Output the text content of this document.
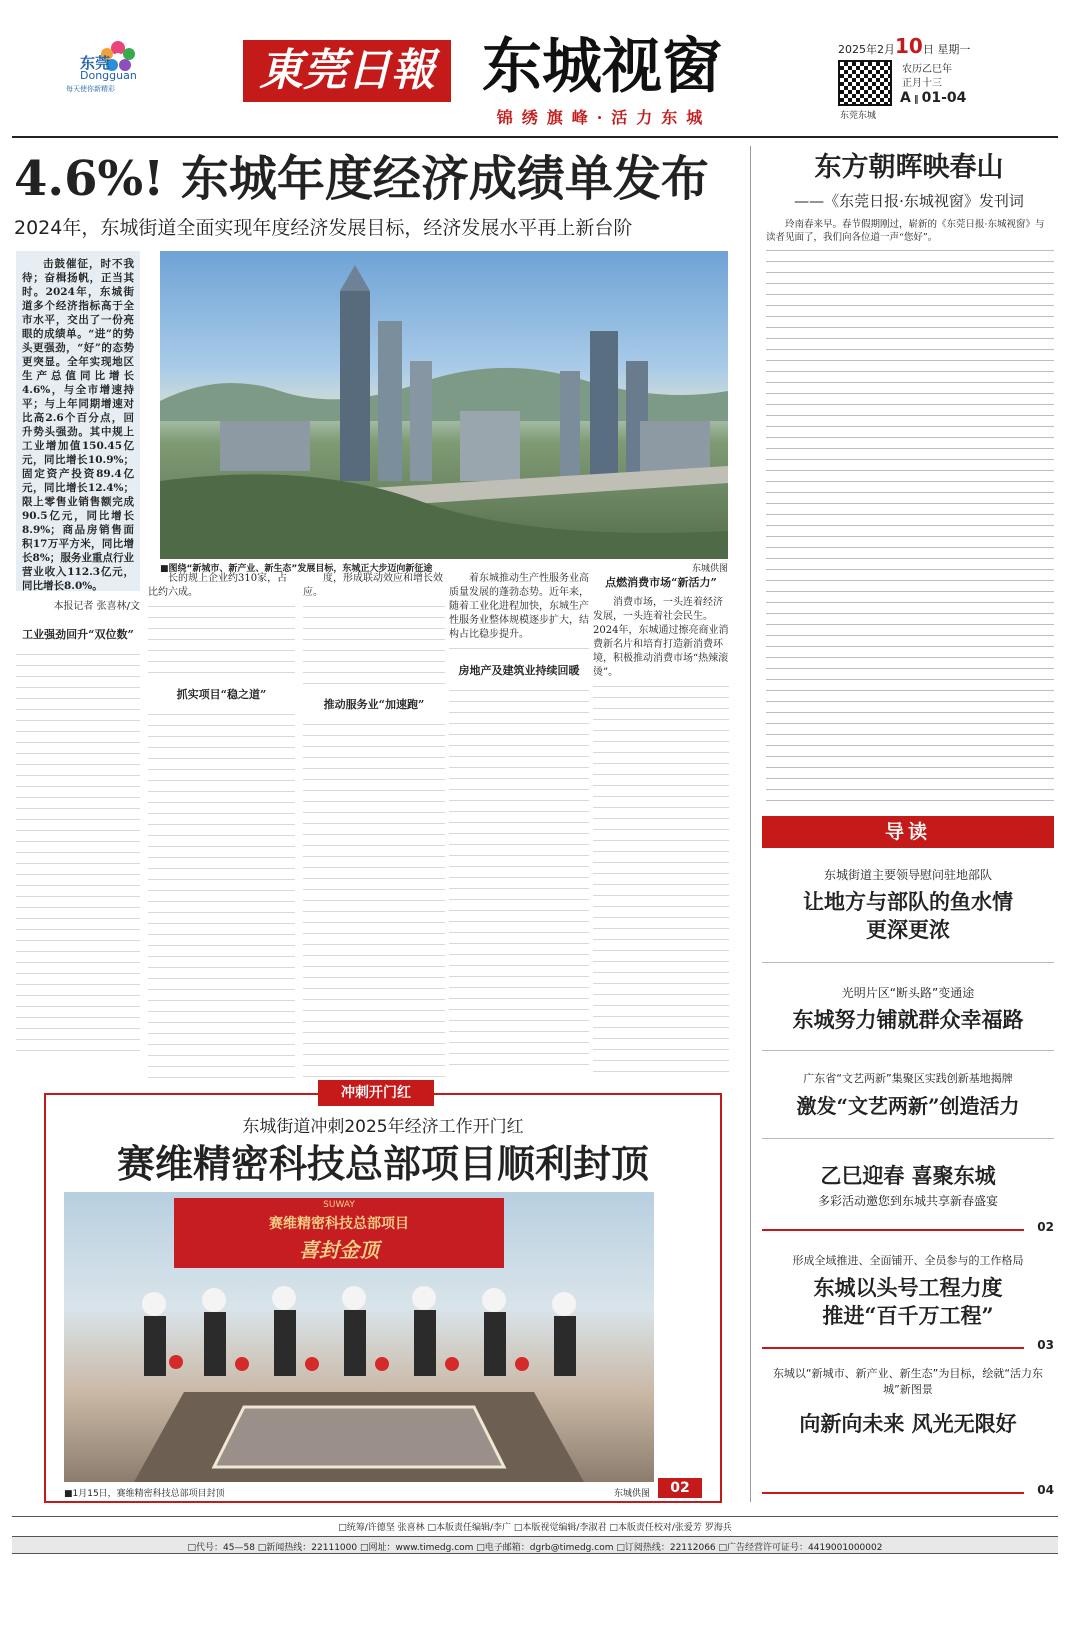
东莞
Dongguan
每天使你新精彩	東莞日報 东城视窗
锦绣旗峰·活力东城
2025年2月10日 星期一
东莞东城
农历乙巳年
正月十三
A ‖ 01-04
4.6%! 东城年度经济成绩单发布
2024年，东城街道全面实现年度经济发展目标，经济发展水平再上新台阶

击鼓催征，时不我待；奋楫扬帆，正当其时。2024年，东城街道多个经济指标高于全市水平，交出了一份亮眼的成绩单。“进”的势头更强劲，“好”的态势更突显。全年实现地区生产总值同比增长4.6%，与全市增速持平；与上年同期增速对比高2.6个百分点，回升势头强劲。其中规上工业增加值150.45亿元，同比增长10.9%；固定资产投资89.4亿元，同比增长12.4%；限上零售业销售额完成90.5亿元，同比增长8.9%；商品房销售面积17万平方米，同比增长8%；服务业重点行业营业收入112.3亿元，同比增长8.0%。

本报记者 张喜林/文
■图绕“新城市、新产业、新生态”发展目标，东城正大步迈向新征途	东城供图

工业强劲回升“双位数”

长的规上企业约310家，占比约六成。

抓实项目“稳之道”

度，形成联动效应和增长效应。

推动服务业“加速跑”

着东城推动生产性服务业高质量发展的蓬勃态势。近年来，随着工业化进程加快，东城生产性服务业整体规模逐步扩大，结构占比稳步提升。

房地产及建筑业持续回暖

点燃消费市场“新活力”

消费市场，一头连着经济发展，一头连着社会民生。2024年，东城通过擦亮商业消费新名片和培育打造新消费环境，积极推动消费市场“热辣滚烫”。

冲刺开门红
东城街道冲刺2025年经济工作开门红
赛维精密科技总部项目顺利封顶
SUWAY
赛维精密科技总部项目
喜封金顶
■1月15日，赛维精密科技总部项目封顶	东城供图	02
东方朝晖映春山
——《东莞日报·东城视窗》发刊词

玲南春来早。春节假期刚过，崭新的《东莞日报·东城视窗》与读者见面了，我们向各位道一声“您好”。

导读
东城街道主要领导慰问驻地部队
让地方与部队的鱼水情
更深更浓
光明片区“断头路”变通途
东城努力铺就群众幸福路
广东省“文艺两新”集聚区实践创新基地揭牌
激发“文艺两新”创造活力
乙巳迎春 喜聚东城
多彩活动邀您到东城共享新春盛宴
02
形成全域推进、全面铺开、全员参与的工作格局
东城以头号工程力度
推进“百千万工程”
03
东城以“新城市、新产业、新生态”为目标，绘就“活力东城”新图景
向新向未来 风光无限好
04
□统筹/许德坚 张喜林 □本版责任编辑/李广 □本版视觉编辑/李淑君 □本版责任校对/张爱芳 罗海兵
□代号：45—58 □新闻热线：22111000 □网址：www.timedg.com □电子邮箱：dgrb@timedg.com □订阅热线：22112066 □广告经营许可证号：4419001000002
